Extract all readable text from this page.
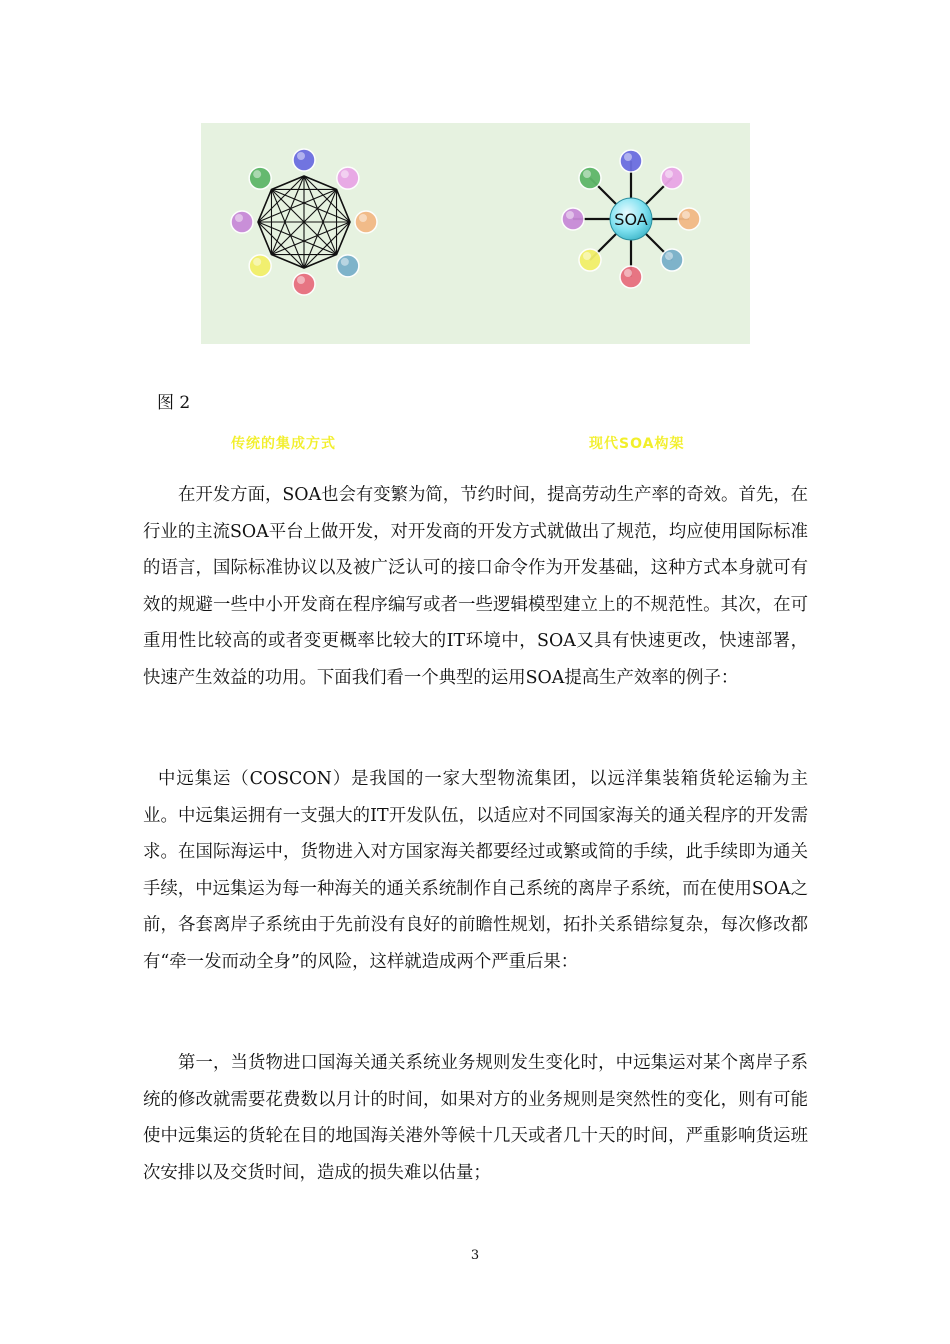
SOA
传统的集成方式	现代SOA构架
图 2

在开发方面，SOA也会有变繁为简，节约时间，提高劳动生产率的奇效。首先，在行业的主流SOA平台上做开发，对开发商的开发方式就做出了规范，均应使用国际标准的语言，国际标准协议以及被广泛认可的接口命令作为开发基础，这种方式本身就可有效的规避一些中小开发商在程序编写或者一些逻辑模型建立上的不规范性。其次，在可重用性比较高的或者变更概率比较大的IT环境中，SOA又具有快速更改，快速部署，快速产生效益的功用。下面我们看一个典型的运用SOA提高生产效率的例子：

中远集运（COSCON）是我国的一家大型物流集团，以远洋集装箱货轮运输为主业。中远集运拥有一支强大的IT开发队伍，以适应对不同国家海关的通关程序的开发需求。在国际海运中，货物进入对方国家海关都要经过或繁或简的手续，此手续即为通关手续，中远集运为每一种海关的通关系统制作自己系统的离岸子系统，而在使用SOA之前，各套离岸子系统由于先前没有良好的前瞻性规划，拓扑关系错综复杂，每次修改都有“牵一发而动全身”的风险，这样就造成两个严重后果：

第一，当货物进口国海关通关系统业务规则发生变化时，中远集运对某个离岸子系统的修改就需要花费数以月计的时间，如果对方的业务规则是突然性的变化，则有可能使中远集运的货轮在目的地国海关港外等候十几天或者几十天的时间，严重影响货运班次安排以及交货时间，造成的损失难以估量；

3
